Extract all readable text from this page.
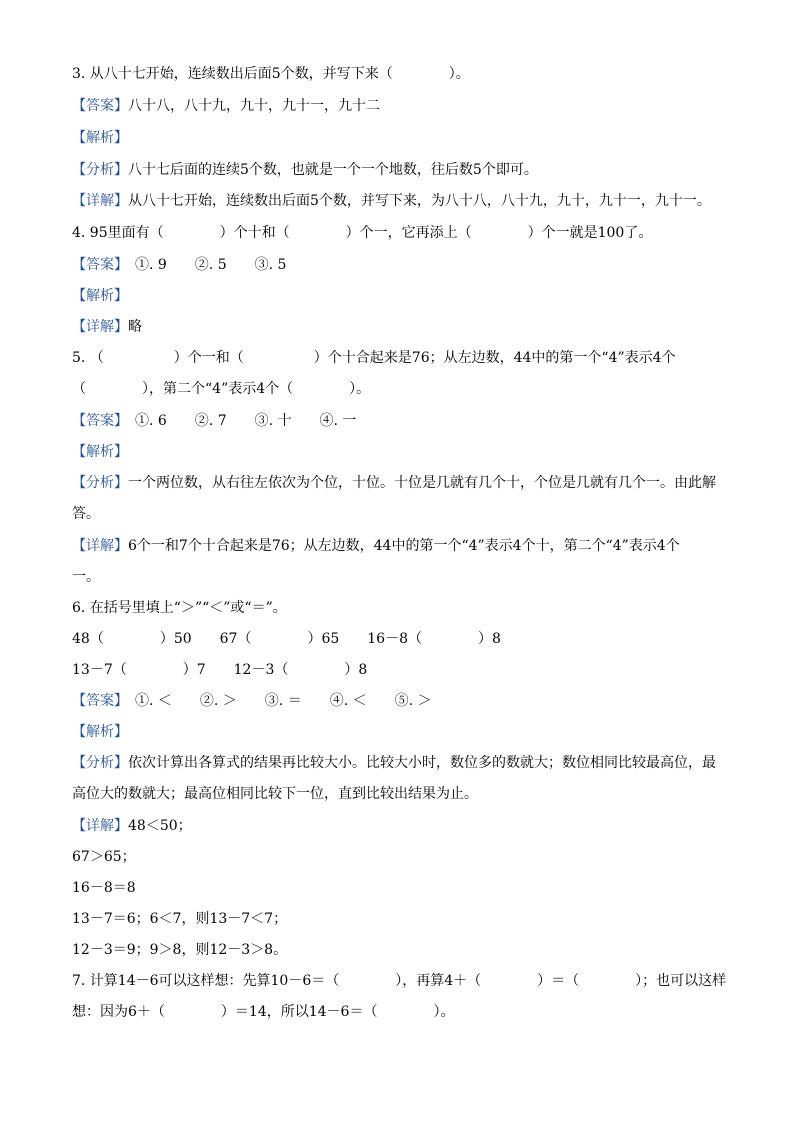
3. 从八十七开始，连续数出后面5个数，并写下来（　　　　）。
【答案】八十八，八十九，九十，九十一，九十二
【解析】
【分析】八十七后面的连续5个数，也就是一个一个地数，往后数5个即可。
【详解】从八十七开始，连续数出后面5个数，并写下来，为八十八，八十九，九十，九十一，九十一。
4. 95里面有（　　　　）个十和（　　　　）个一，它再添上（　　　　）个一就是100了。
【答案】　①. 9　　②. 5　　③. 5
【解析】
【详解】略
5. （　　　　　）个一和（　　　　　）个十合起来是76；从左边数，44中的第一个“4”表示4个
（　　　　），第二个“4”表示4个（　　　　）。
【答案】　①. 6　　②. 7　　③. 十　　④. 一
【解析】
【分析】一个两位数，从右往左依次为个位，十位。十位是几就有几个十，个位是几就有几个一。由此解
答。
【详解】6个一和7个十合起来是76；从左边数，44中的第一个“4”表示4个十，第二个“4”表示4个
一。
6. 在括号里填上“＞”“＜”或“＝”。
48（　　　　）50　　67（　　　　）65　　16－8（　　　　）8
13－7（　　　　）7　　12－3（　　　　）8
【答案】　①. ＜　　②. ＞　　③. ＝　　④. ＜　　⑤. ＞
【解析】
【分析】依次计算出各算式的结果再比较大小。比较大小时，数位多的数就大；数位相同比较最高位，最
高位大的数就大；最高位相同比较下一位，直到比较出结果为止。
【详解】48＜50；
67＞65；
16－8＝8
13－7＝6；6＜7，则13－7＜7；
12－3＝9；9＞8，则12－3＞8。
7. 计算14－6可以这样想：先算10－6＝（　　　　），再算4＋（　　　　）＝（　　　　）；也可以这样
想：因为6＋（　　　　）＝14，所以14－6＝（　　　　）。
